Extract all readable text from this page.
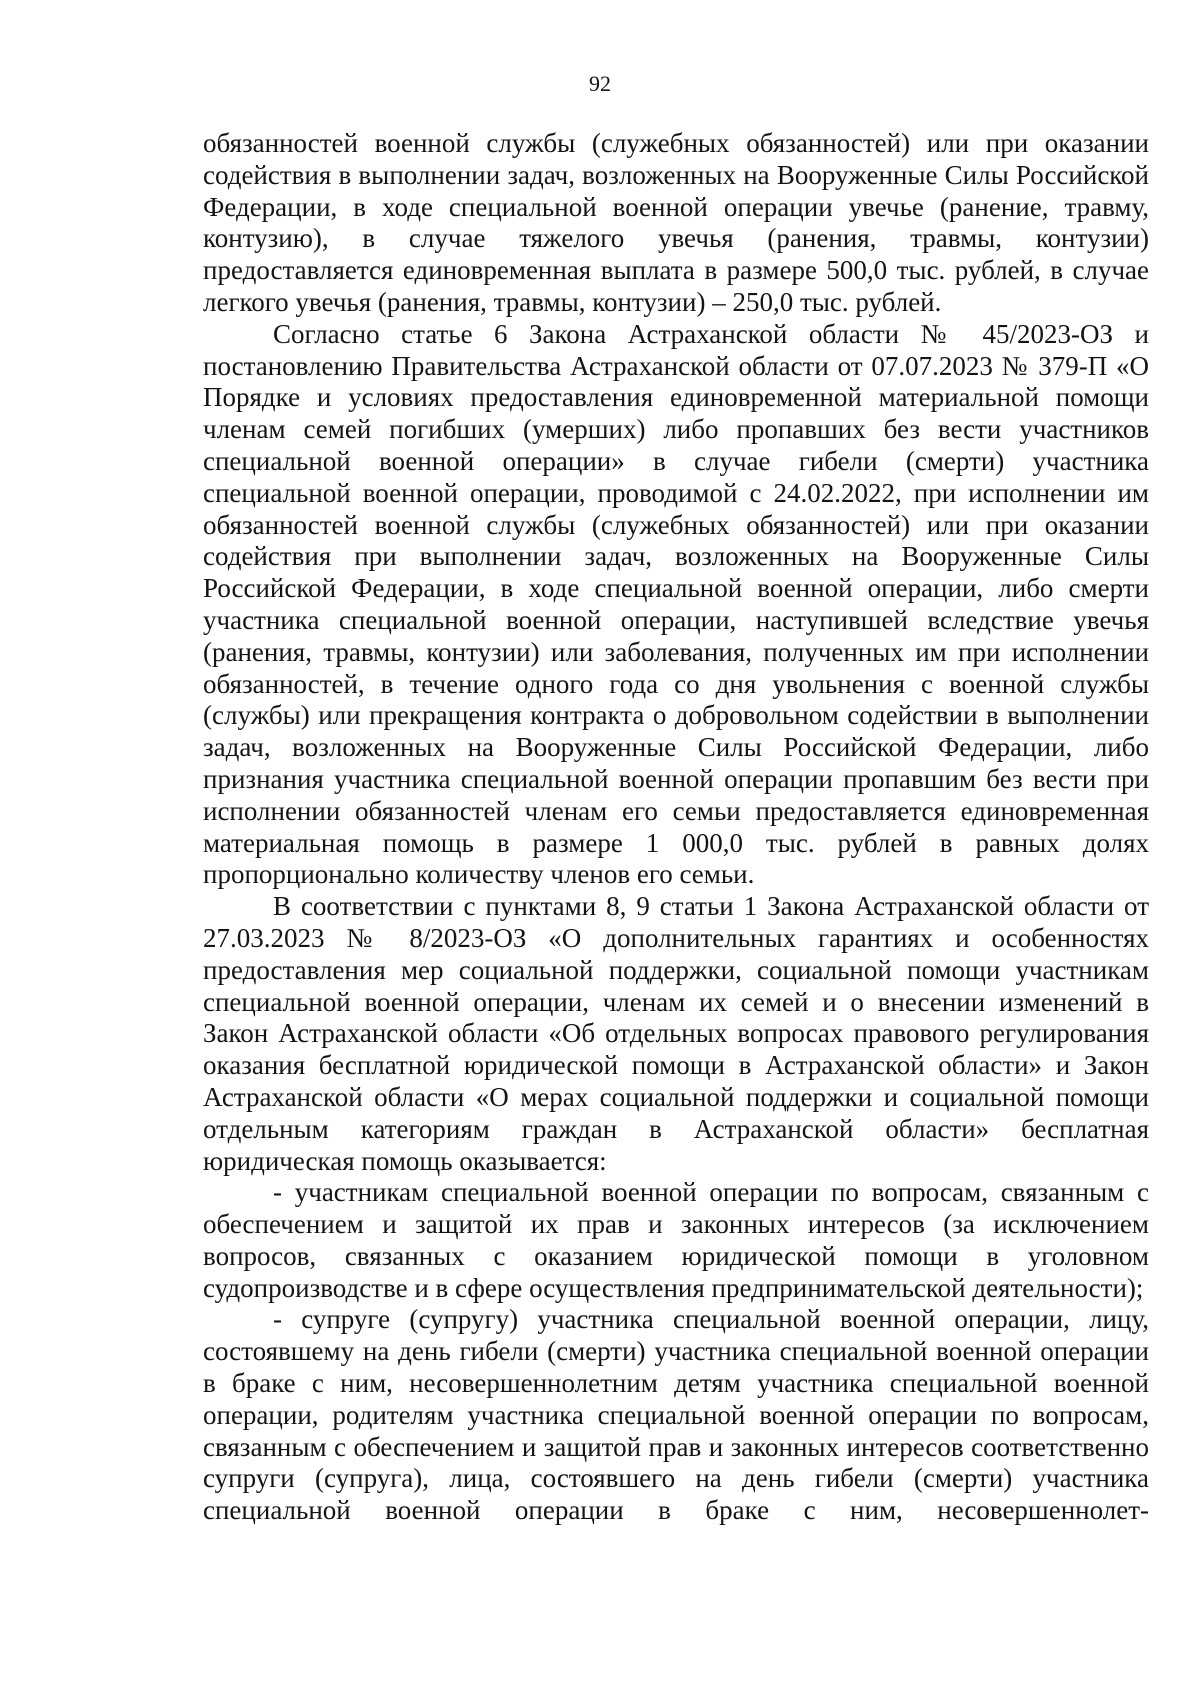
92

обязанностей военной службы (служебных обязанностей) или при оказании содействия в выполнении задач, возложенных на Вооруженные Силы Российской Федерации, в ходе специальной военной операции увечье (ранение, травму, контузию), в случае тяжелого увечья (ранения, травмы, контузии) предоставляется единовременная выплата в размере 500,0 тыс. рублей, в случае легкого увечья (ранения, травмы, контузии) – 250,0 тыс. рублей.

Согласно статье 6 Закона Астраханской области № 45/2023-ОЗ и постановлению Правительства Астраханской области от 07.07.2023 № 379-П «О Порядке и условиях предоставления единовременной материальной помощи членам семей погибших (умерших) либо пропавших без вести участников специальной военной операции» в случае гибели (смерти) участника специальной военной операции, проводимой с 24.02.2022, при исполнении им обязанностей военной службы (служебных обязанностей) или при оказании содействия при выполнении задач, возложенных на Вооруженные Силы Российской Федерации, в ходе специальной военной операции, либо смерти участника специальной военной операции, наступившей вследствие увечья (ранения, травмы, контузии) или заболевания, полученных им при исполнении обязанностей, в течение одного года со дня увольнения с военной службы (службы) или прекращения контракта о добровольном содействии в выполнении задач, возложенных на Вооруженные Силы Российской Федерации, либо признания участника специальной военной операции пропавшим без вести при исполнении обязанностей членам его семьи предоставляется единовременная материальная помощь в размере 1 000,0 тыс. рублей в равных долях пропорционально количеству членов его семьи.

В соответствии с пунктами 8, 9 статьи 1 Закона Астраханской области от 27.03.2023 № 8/2023-ОЗ «О дополнительных гарантиях и особенностях предоставления мер социальной поддержки, социальной помощи участникам специальной военной операции, членам их семей и о внесении изменений в Закон Астраханской области «Об отдельных вопросах правового регулирования оказания бесплатной юридической помощи в Астраханской области» и Закон Астраханской области «О мерах социальной поддержки и социальной помощи отдельным категориям граждан в Астраханской области» бесплатная юридическая помощь оказывается:

- участникам специальной военной операции по вопросам, связанным с обеспечением и защитой их прав и законных интересов (за исключением вопросов, связанных с оказанием юридической помощи в уголовном судопроизводстве и в сфере осуществления предпринимательской деятельности);

- супруге (супругу) участника специальной военной операции, лицу, состоявшему на день гибели (смерти) участника специальной военной операции в браке с ним, несовершеннолетним детям участника специальной военной операции, родителям участника специальной военной операции по вопросам, связанным с обеспечением и защитой прав и законных интересов соответственно супруги (супруга), лица, состоявшего на день гибели (смерти) участника специальной военной операции в браке с ним, несовершеннолет-
